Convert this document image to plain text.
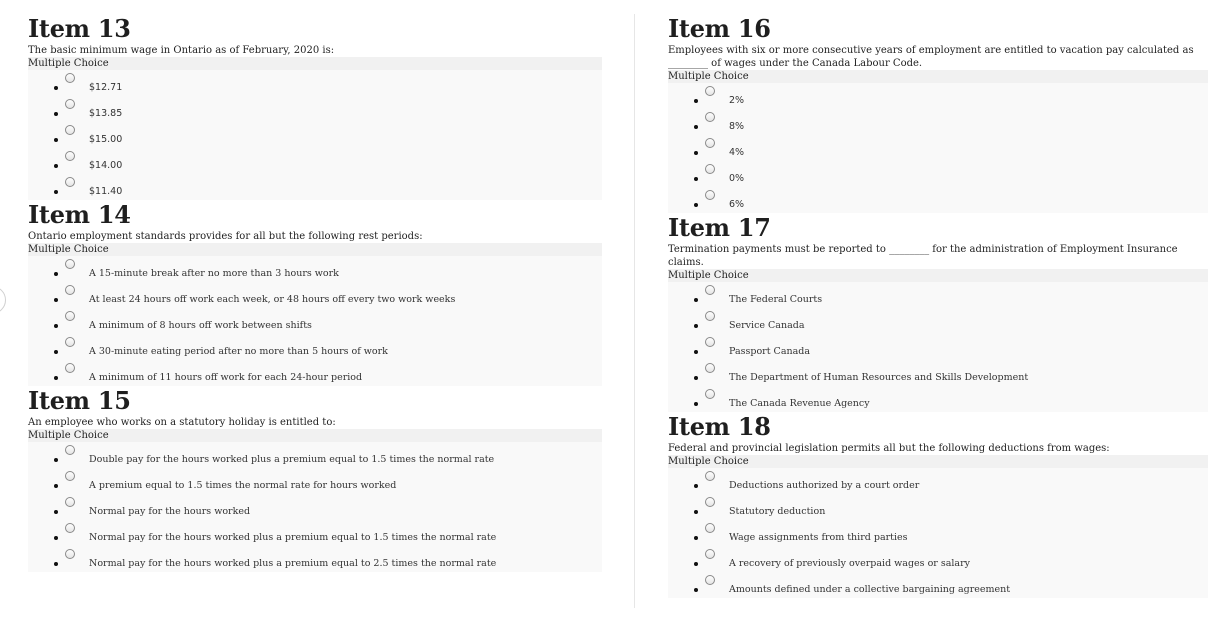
Item 13

The basic minimum wage in Ontario as of February, 2020 is:

Multiple Choice
$12.71
$13.85
$15.00
$14.00
$11.40
Item 14

Ontario employment standards provides for all but the following rest periods:

Multiple Choice
A 15-minute break after no more than 3 hours work
At least 24 hours off work each week, or 48 hours off every two work weeks
A minimum of 8 hours off work between shifts
A 30-minute eating period after no more than 5 hours of work
A minimum of 11 hours off work for each 24-hour period
Item 15

An employee who works on a statutory holiday is entitled to:

Multiple Choice
Double pay for the hours worked plus a premium equal to 1.5 times the normal rate
A premium equal to 1.5 times the normal rate for hours worked
Normal pay for the hours worked
Normal pay for the hours worked plus a premium equal to 1.5 times the normal rate
Normal pay for the hours worked plus a premium equal to 2.5 times the normal rate
Item 16

Employees with six or more consecutive years of employment are entitled to vacation pay calculated as ________ of wages under the Canada Labour Code.

Multiple Choice
2%
8%
4%
0%
6%
Item 17

Termination payments must be reported to ________ for the administration of Employment Insurance claims.

Multiple Choice
The Federal Courts
Service Canada
Passport Canada
The Department of Human Resources and Skills Development
The Canada Revenue Agency
Item 18

Federal and provincial legislation permits all but the following deductions from wages:

Multiple Choice
Deductions authorized by a court order
Statutory deduction
Wage assignments from third parties
A recovery of previously overpaid wages or salary
Amounts defined under a collective bargaining agreement
